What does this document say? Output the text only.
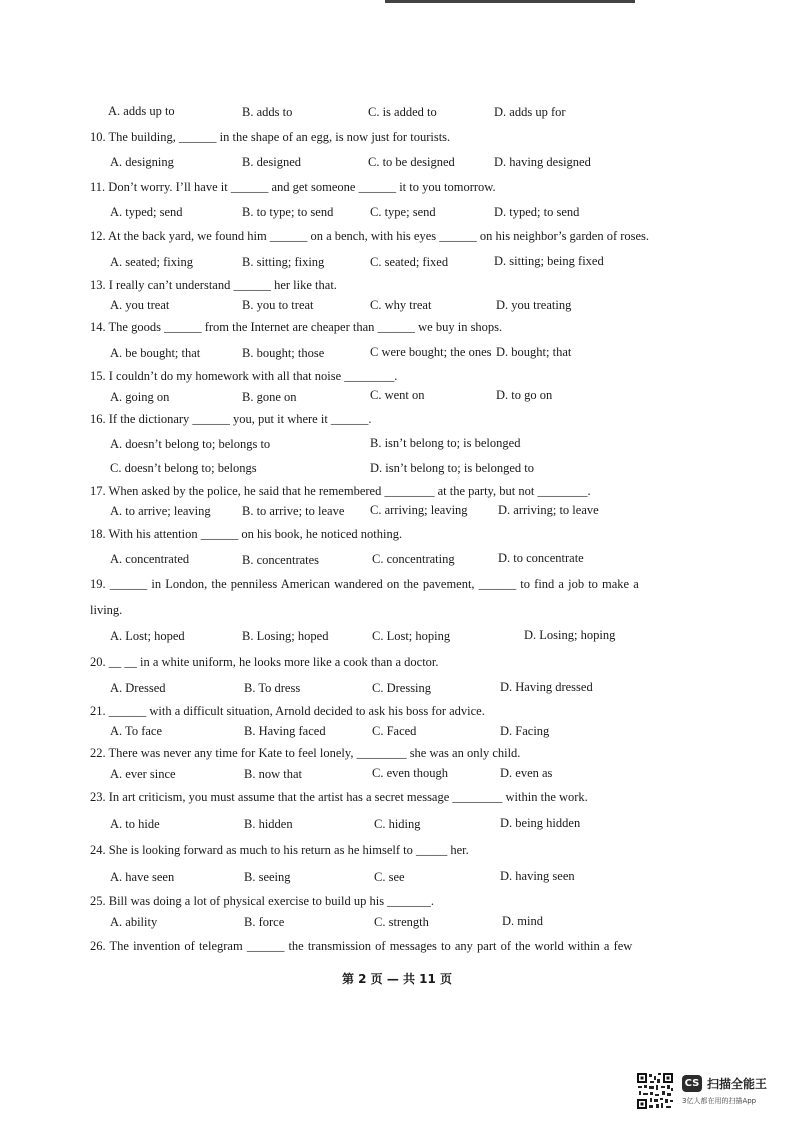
A. adds up to	B. adds to	C. is added to	D. adds up for
10. The building, ______ in the shape of an egg, is now just for tourists.
A. designing	B. designed	C. to be designed	D. having designed
11. Don’t worry. I’ll have it ______ and get someone ______ it to you tomorrow.
A. typed; send	B. to type; to send	C. type; send	D. typed; to send
12. At the back yard, we found him ______ on a bench, with his eyes ______ on his neighbor’s garden of roses.
A. seated; fixing	B. sitting; fixing	C. seated; fixed	D. sitting; being fixed
13. I really can’t understand ______ her like that.
A. you treat	B. you to treat	C. why treat	D. you treating
14. The goods ______ from the Internet are cheaper than ______ we buy in shops.
A. be bought; that	B. bought; those	C were bought; the ones D. bought; that
15. I couldn’t do my homework with all that noise ________.
A. going on	B. gone on	C. went on	D. to go on
16. If the dictionary ______ you, put it where it ______.
A. doesn’t belong to; belongs to	B. isn’t belong to; is belonged
C. doesn’t belong to; belongs	D. isn’t belong to; is belonged to
17. When asked by the police, he said that he remembered ________ at the party, but not ________.
A. to arrive; leaving	B. to arrive; to leave C. arriving; leaving D. arriving; to leave
18. With his attention ______ on his book, he noticed nothing.
A. concentrated	B. concentrates	C. concentrating	D. to concentrate
19. ______ in London, the penniless American wandered on the pavement, ______ to find a job to make a
living.
A. Lost; hoped	B. Losing; hoped	C. Lost; hoping	D. Losing; hoping
20. __ __ in a white uniform, he looks more like a cook than a doctor.
A. Dressed	B. To dress	C. Dressing	D. Having dressed
21. ______ with a difficult situation, Arnold decided to ask his boss for advice.
A. To face	B. Having faced	C. Faced	D. Facing
22. There was never any time for Kate to feel lonely, ________ she was an only child.
A. ever since	B. now that	C. even though	D. even as
23. In art criticism, you must assume that the artist has a secret message ________ within the work.
A. to hide	B. hidden	C. hiding	D. being hidden
24. She is looking forward as much to his return as he himself to _____ her.
A. have seen	B. seeing	C. see	D. having seen
25. Bill was doing a lot of physical exercise to build up his _______.
A. ability	B. force	C. strength	D. mind
26. The invention of telegram ______ the transmission of messages to any part of the world within a few
第 2 页 — 共 11 页
CS 扫描全能王
3亿人都在用的扫描App
